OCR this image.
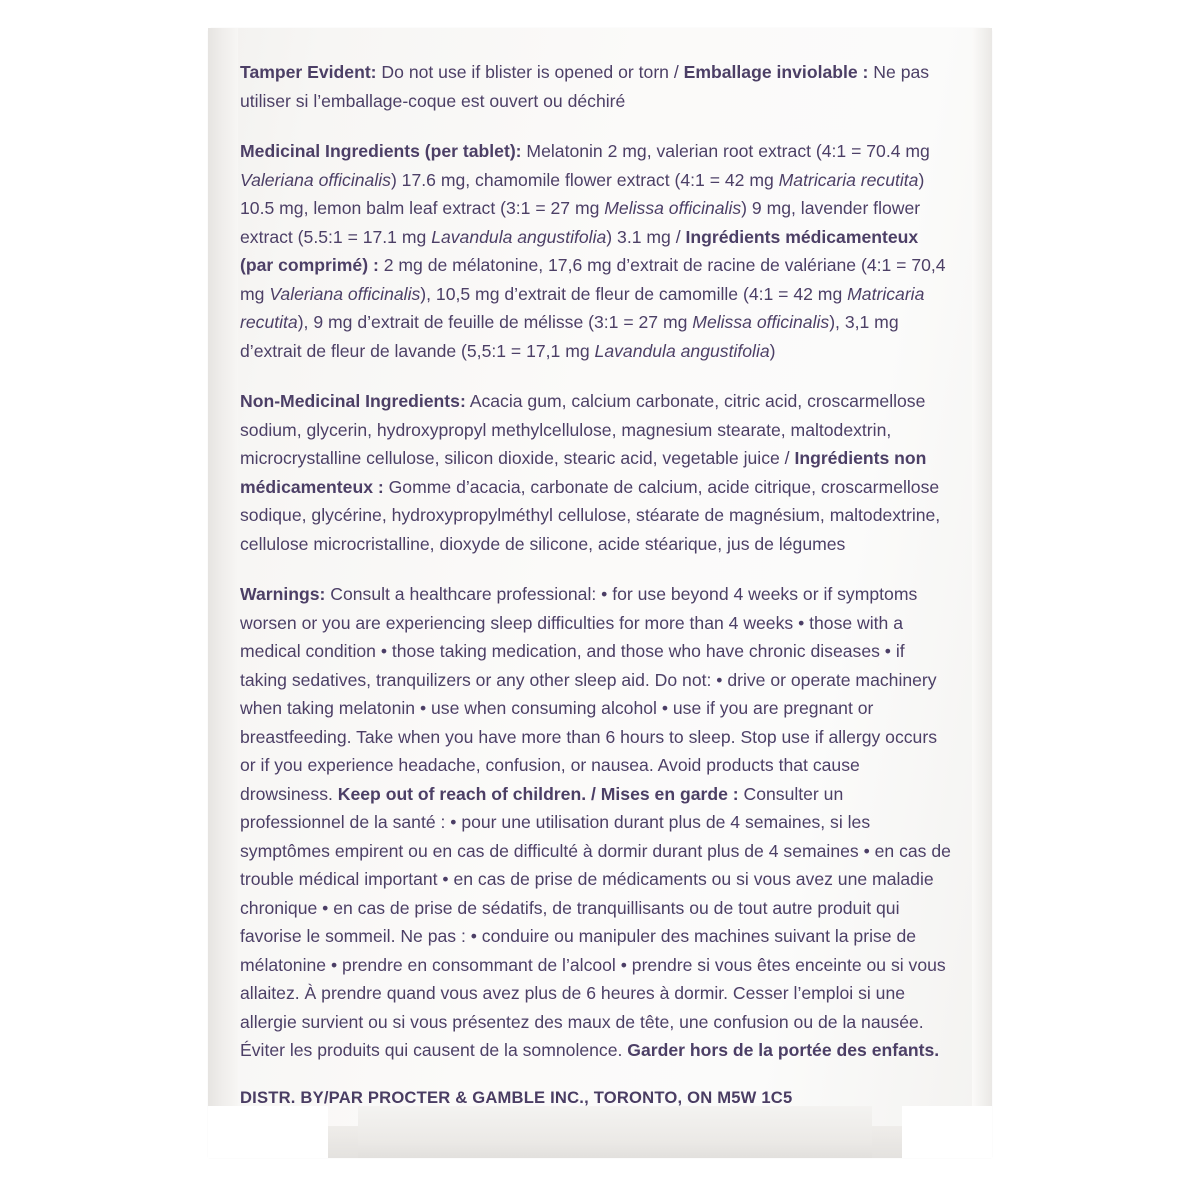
Tamper Evident: Do not use if blister is opened or torn / Emballage inviolable : Ne pas utiliser si l’emballage-coque est ouvert ou déchiré

Medicinal Ingredients (per tablet): Melatonin 2 mg, valerian root extract (4:1 = 70.4 mg Valeriana officinalis) 17.6 mg, chamomile flower extract (4:1 = 42 mg Matricaria recutita) 10.5 mg, lemon balm leaf extract (3:1 = 27 mg Melissa officinalis) 9 mg, lavender flower extract (5.5:1 = 17.1 mg Lavandula angustifolia) 3.1 mg / Ingrédients médicamenteux (par comprimé) : 2 mg de mélatonine, 17,6 mg d’extrait de racine de valériane (4:1 = 70,4 mg Valeriana officinalis), 10,5 mg d’extrait de fleur de camomille (4:1 = 42 mg Matricaria recutita), 9 mg d’extrait de feuille de mélisse (3:1 = 27 mg Melissa officinalis), 3,1 mg d’extrait de fleur de lavande (5,5:1 = 17,1 mg Lavandula angustifolia)

Non-Medicinal Ingredients: Acacia gum, calcium carbonate, citric acid, croscarmellose sodium, glycerin, hydroxypropyl methylcellulose, magnesium stearate, maltodextrin, microcrystalline cellulose, silicon dioxide, stearic acid, vegetable juice / Ingrédients non médicamenteux : Gomme d’acacia, carbonate de calcium, acide citrique, croscarmellose sodique, glycérine, hydroxypropylméthyl cellulose, stéarate de magnésium, maltodextrine, cellulose microcristalline, dioxyde de silicone, acide stéarique, jus de légumes

Warnings: Consult a healthcare professional: • for use beyond 4 weeks or if symptoms worsen or you are experiencing sleep difficulties for more than 4 weeks • those with a medical condition • those taking medication, and those who have chronic diseases • if taking sedatives, tranquilizers or any other sleep aid. Do not: • drive or operate machinery when taking melatonin • use when consuming alcohol • use if you are pregnant or breastfeeding. Take when you have more than 6 hours to sleep. Stop use if allergy occurs or if you experience headache, confusion, or nausea. Avoid products that cause drowsiness. Keep out of reach of children. / Mises en garde : Consulter un professionnel de la santé : • pour une utilisation durant plus de 4 semaines, si les symptômes empirent ou en cas de difficulté à dormir durant plus de 4 semaines • en cas de trouble médical important • en cas de prise de médicaments ou si vous avez une maladie chronique • en cas de prise de sédatifs, de tranquillisants ou de tout autre produit qui favorise le sommeil. Ne pas : • conduire ou manipuler des machines suivant la prise de mélatonine • prendre en consommant de l’alcool • prendre si vous êtes enceinte ou si vous allaitez. À prendre quand vous avez plus de 6 heures à dormir. Cesser l’emploi si une allergie survient ou si vous présentez des maux de tête, une confusion ou de la nausée. Éviter les produits qui causent de la somnolence. Garder hors de la portée des enfants.

DISTR. BY/PAR PROCTER & GAMBLE INC., TORONTO, ON M5W 1C5
